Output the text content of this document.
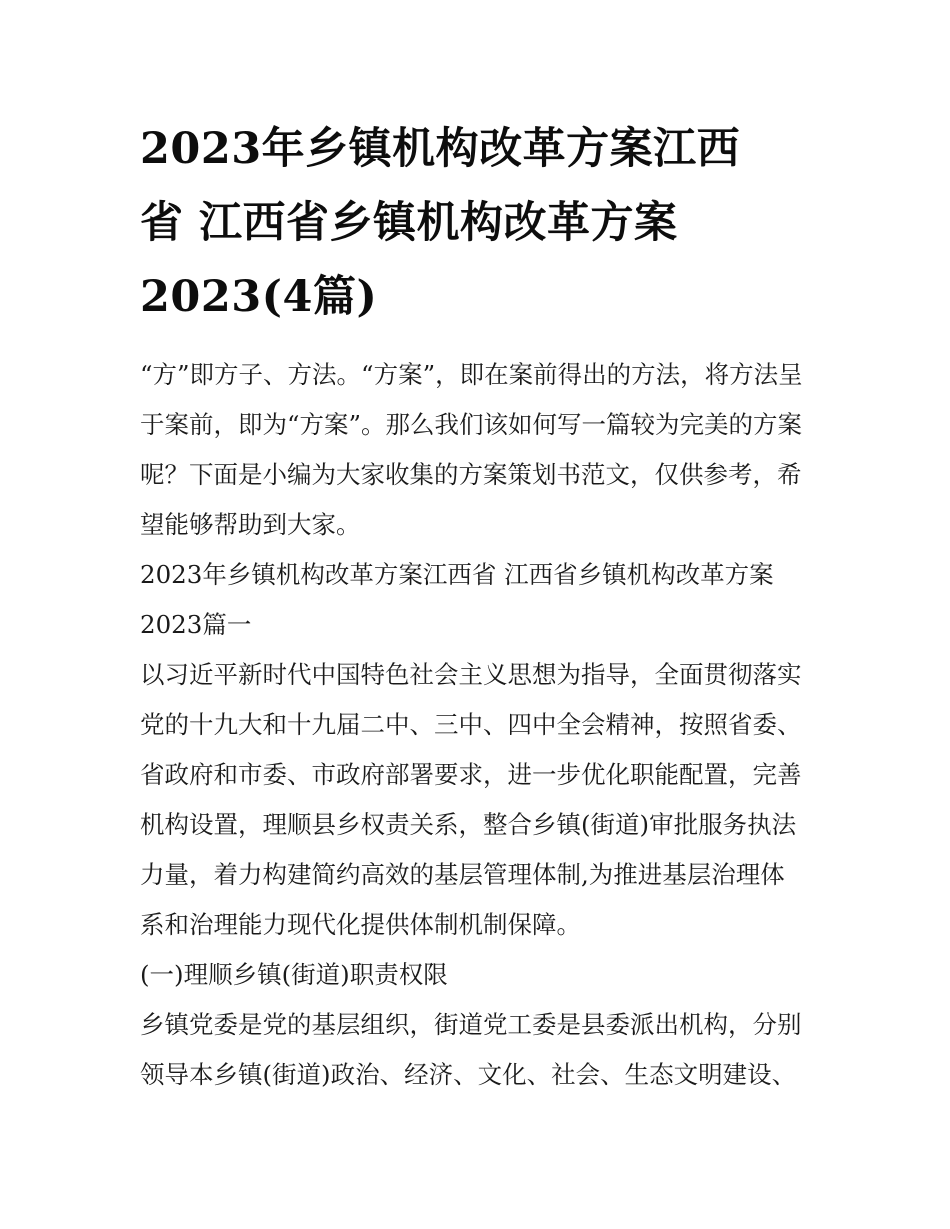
2023年乡镇机构改革方案江西
省 江西省乡镇机构改革方案
2023(4篇)

“方”即方子、方法。“方案”，即在案前得出的方法，将方法呈
于案前，即为“方案”。那么我们该如何写一篇较为完美的方案
呢？下面是小编为大家收集的方案策划书范文，仅供参考，希
望能够帮助到大家。

2023年乡镇机构改革方案江西省 江西省乡镇机构改革方案
2023篇一

以习近平新时代中国特色社会主义思想为指导，全面贯彻落实
党的十九大和十九届二中、三中、四中全会精神，按照省委、
省政府和市委、市政府部署要求，进一步优化职能配置，完善
机构设置，理顺县乡权责关系，整合乡镇(街道)审批服务执法
力量，着力构建简约高效的基层管理体制,为推进基层治理体
系和治理能力现代化提供体制机制保障。

(一)理顺乡镇(街道)职责权限

乡镇党委是党的基层组织，街道党工委是县委派出机构，分别
领导本乡镇(街道)政治、经济、文化、社会、生态文明建设、
